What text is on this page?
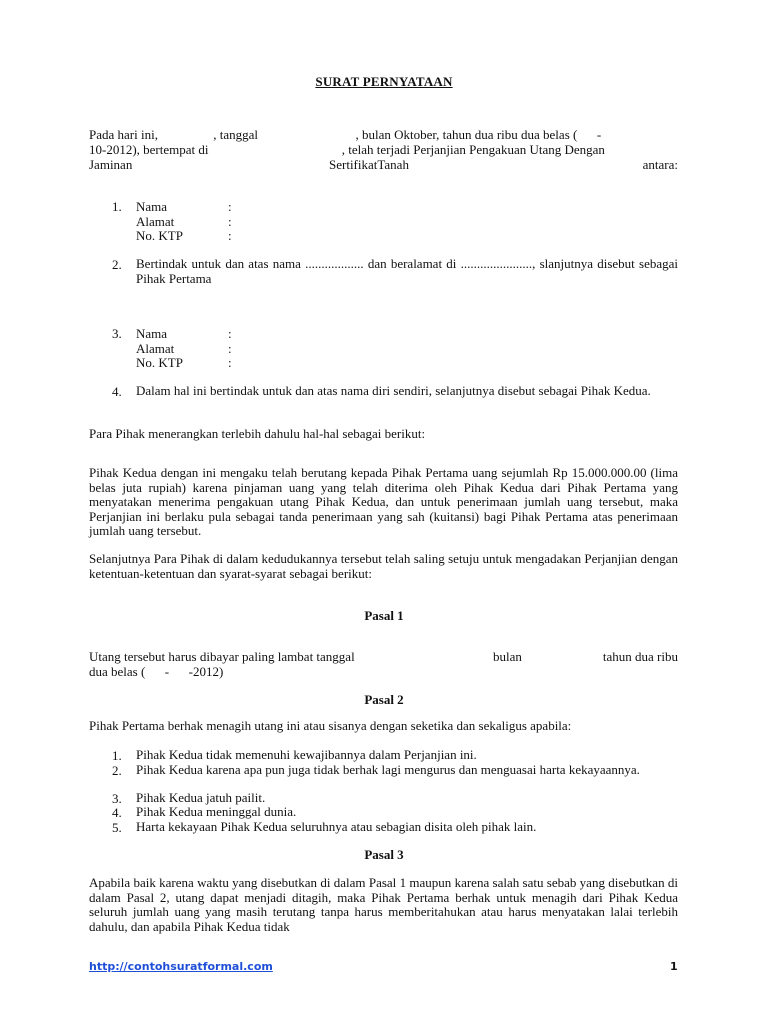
SURAT PERNYATAAN
Pada hari ini,                 , tanggal                              , bulan Oktober, tahun dua ribu dua belas (      -
10-2012), bertempat di                                         , telah terjadi Perjanjian Pengakuan Utang Dengan
Jaminan	SertifikatTanah	antara:
1. Nama	:
Alamat	:
No. KTP	:
2. Bertindak untuk dan atas nama .................. dan beralamat di ......................, slanjutnya disebut sebagai Pihak Pertama
3. Nama	:
Alamat	:
No. KTP	:
4. Dalam hal ini bertindak untuk dan atas nama diri sendiri, selanjutnya disebut sebagai Pihak Kedua.
Para Pihak menerangkan terlebih dahulu hal-hal sebagai berikut:
Pihak Kedua dengan ini mengaku telah berutang kepada Pihak Pertama uang sejumlah Rp 15.000.000.00 (lima belas juta rupiah) karena pinjaman uang yang telah diterima oleh Pihak Kedua dari Pihak Pertama yang menyatakan menerima pengakuan utang Pihak Kedua, dan untuk penerimaan jumlah uang tersebut, maka Perjanjian ini berlaku pula sebagai tanda penerimaan yang sah (kuitansi) bagi Pihak Pertama atas penerimaan jumlah uang tersebut.
Selanjutnya Para Pihak di dalam kedudukannya tersebut telah saling setuju untuk mengadakan Perjanjian dengan ketentuan-ketentuan dan syarat-syarat sebagai berikut:
Pasal 1
Utang tersebut harus dibayar paling lambat tanggal	bulan	tahun dua ribu
dua belas (      -      -2012)
Pasal 2
Pihak Pertama berhak menagih utang ini atau sisanya dengan seketika dan sekaligus apabila:
1. Pihak Kedua tidak memenuhi kewajibannya dalam Perjanjian ini.
2. Pihak Kedua karena apa pun juga tidak berhak lagi mengurus dan menguasai harta kekayaannya.
3. Pihak Kedua jatuh pailit.
4. Pihak Kedua meninggal dunia.
5. Harta kekayaan Pihak Kedua seluruhnya atau sebagian disita oleh pihak lain.
Pasal 3
Apabila baik karena waktu yang disebutkan di dalam Pasal 1 maupun karena salah satu sebab yang disebutkan di dalam Pasal 2, utang dapat menjadi ditagih, maka Pihak Pertama berhak untuk menagih dari Pihak Kedua seluruh jumlah uang yang masih terutang tanpa harus memberitahukan atau harus menyatakan lalai terlebih dahulu, dan apabila Pihak Kedua tidak
http://contohsuratformal.com	1
